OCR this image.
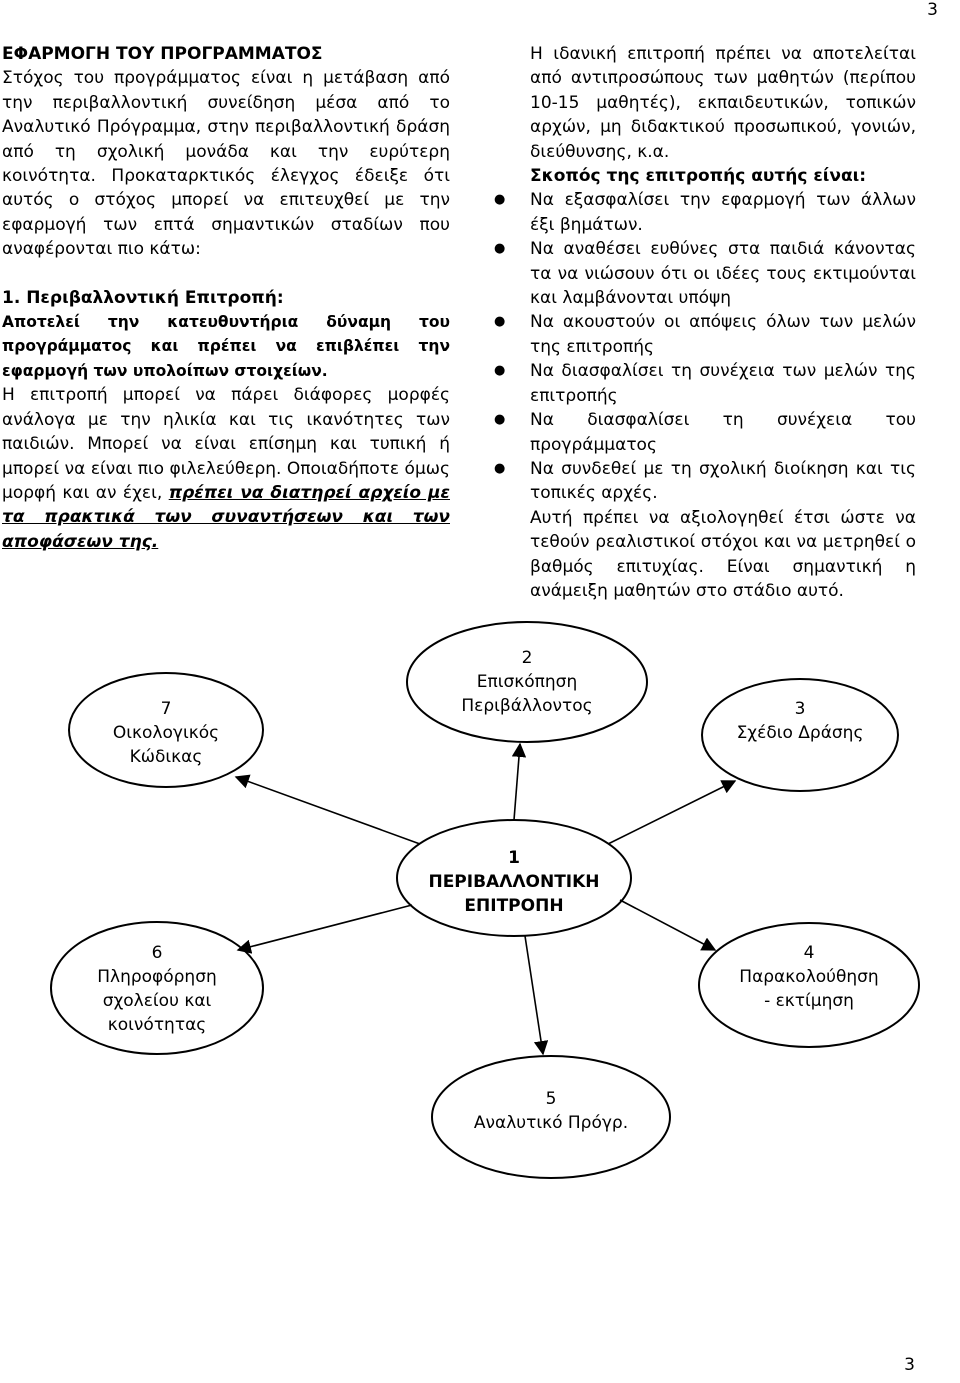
3

ΕΦΑΡΜΟΓΗ ΤΟΥ ΠΡΟΓΡΑΜΜΑΤΟΣ

Στόχος του προγράμματος είναι η μετάβαση από την περιβαλλοντική συνείδηση μέσα από το Αναλυτικό Πρόγραμμα, στην περιβαλλοντική δράση από τη σχολική μονάδα και την ευρύτερη κοινότητα. Προκαταρκτικός έλεγχος έδειξε ότι αυτός ο στόχος μπορεί να επιτευχθεί με την εφαρμογή των επτά σημαντικών σταδίων που αναφέρονται πιο κάτω:

1. Περιβαλλοντική Επιτροπή:

Αποτελεί την κατευθυντήρια δύναμη του προγράμματος και πρέπει να επιβλέπει την εφαρμογή των υπολοίπων στοιχείων.

Η επιτροπή μπορεί να πάρει διάφορες μορφές ανάλογα με την ηλικία και τις ικανότητες των παιδιών. Μπορεί να είναι επίσημη και τυπική ή μπορεί να είναι πιο φιλελεύθερη. Οποιαδήποτε όμως μορφή και αν έχει, πρέπει να διατηρεί αρχείο με τα πρακτικά των συναντήσεων και των αποφάσεων της.

Η ιδανική επιτροπή πρέπει να αποτελείται από αντιπροσώπους των μαθητών (περίπου 10-15 μαθητές), εκπαιδευτικών, τοπικών αρχών, μη διδακτικού προσωπικού, γονιών, διεύθυνσης, κ.α.

Σκοπός της επιτροπής αυτής είναι:

● Να εξασφαλίσει την εφαρμογή των άλλων έξι βημάτων.
● Να αναθέσει ευθύνες στα παιδιά κάνοντας τα να νιώσουν ότι οι ιδέες τους εκτιμούνται και λαμβάνονται υπόψη
● Να ακουστούν οι απόψεις όλων των μελών της επιτροπής
● Να διασφαλίσει τη συνέχεια των μελών της επιτροπής
● Να διασφαλίσει τη συνέχεια του προγράμματος
● Να συνδεθεί με τη σχολική διοίκηση και τις τοπικές αρχές.

Αυτή πρέπει να αξιολογηθεί έτσι ώστε να τεθούν ρεαλιστικοί στόχοι και να μετρηθεί ο βαθμός επιτυχίας. Είναι σημαντική η ανάμειξη μαθητών στο στάδιο αυτό.

7
Οικολογικός
Κώδικας
2
Επισκόπηση
Περιβάλλοντος	3
Σχέδιο Δράσης
1
ΠΕΡΙΒΑΛΛΟΝΤΙΚΗ
ΕΠΙΤΡΟΠΗ
6
Πληροφόρηση
σχολείου και
κοινότητας
4
Παρακολούθηση
- εκτίμηση
5
Αναλυτικό Πρόγρ.
3
